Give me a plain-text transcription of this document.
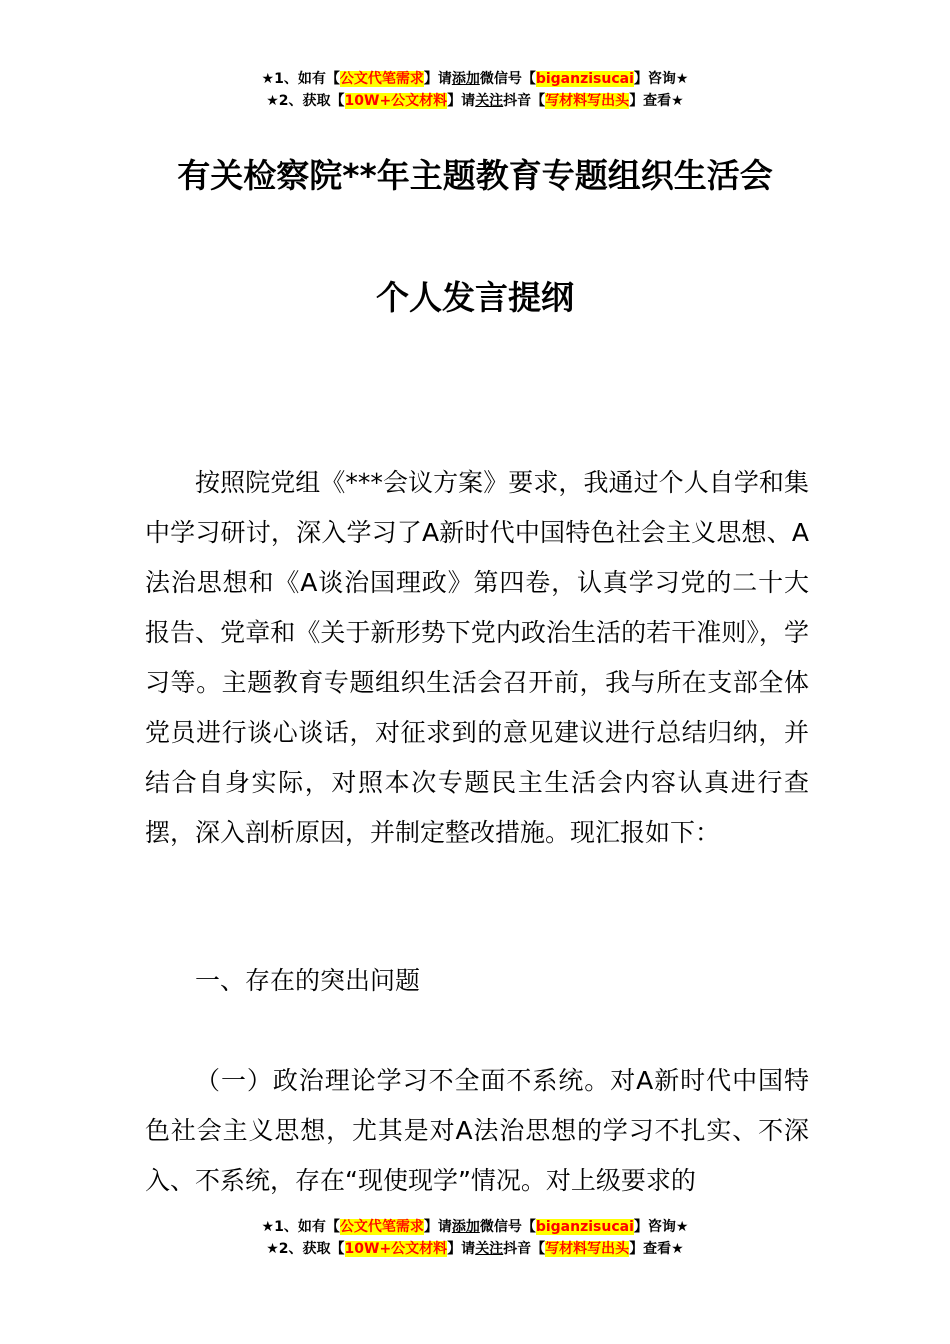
★1、如有【公文代笔需求】请添加微信号【biganzisucai】咨询★
★2、获取【10W+公文材料】请关注抖音【写材料写出头】查看★
有关检察院**年主题教育专题组织生活会
个人发言提纲
按照院党组《***会议方案》要求，我通过个人自学和集中学习研讨，深入学习了A新时代中国特色社会主义思想、A法治思想和《A谈治国理政》第四卷，认真学习党的二十大报告、党章和《关于新形势下党内政治生活的若干准则》，学习等。主题教育专题组织生活会召开前，我与所在支部全体党员进行谈心谈话，对征求到的意见建议进行总结归纳，并结合自身实际，对照本次专题民主生活会内容认真进行查摆，深入剖析原因，并制定整改措施。现汇报如下：
一、存在的突出问题
（一）政治理论学习不全面不系统。对A新时代中国特色社会主义思想，尤其是对A法治思想的学习不扎实、不深入、不系统，存在“现使现学”情况。对上级要求的
★1、如有【公文代笔需求】请添加微信号【biganzisucai】咨询★
★2、获取【10W+公文材料】请关注抖音【写材料写出头】查看★
